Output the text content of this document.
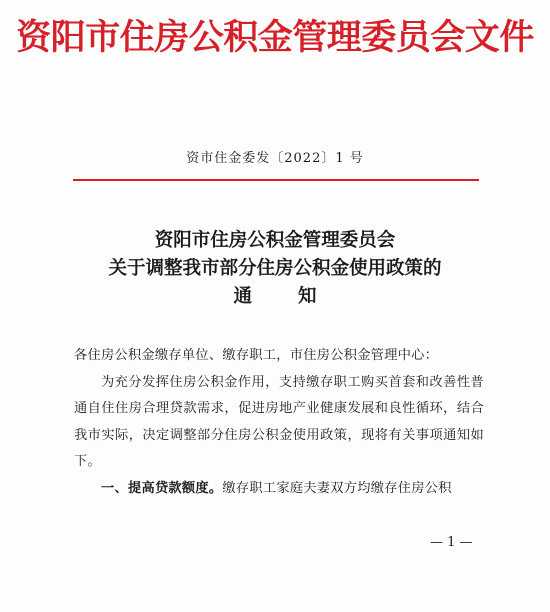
资阳市住房公积金管理委员会文件
资市住金委发〔2022〕1 号
资阳市住房公积金管理委员会
关于调整我市部分住房公积金使用政策的
通知

各住房公积金缴存单位、缴存职工，市住房公积金管理中心：

为充分发挥住房公积金作用，支持缴存职工购买首套和改善性普通自住住房合理贷款需求，促进房地产业健康发展和良性循环，结合我市实际，决定调整部分住房公积金使用政策，现将有关事项通知如下。

一、提高贷款额度。缴存职工家庭夫妻双方均缴存住房公积

— 1 —
